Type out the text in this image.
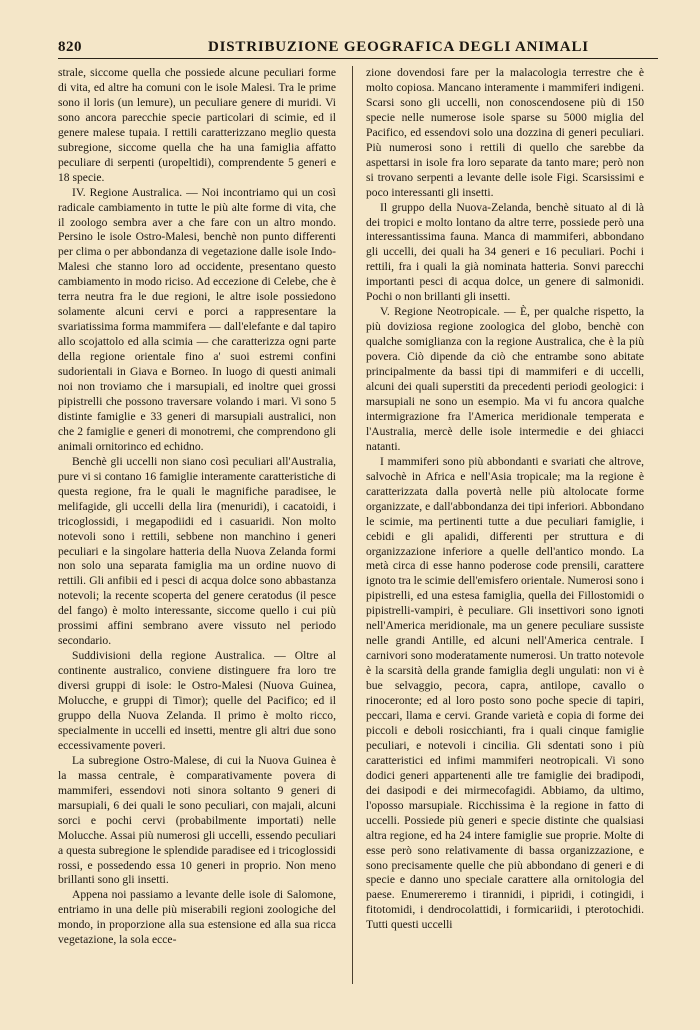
820	DISTRIBUZIONE GEOGRAFICA DEGLI ANIMALI

strale, siccome quella che possiede alcune peculiari forme di vita, ed altre ha comuni con le isole Malesi. Tra le prime sono il loris (un lemure), un peculiare genere di muridi. Vi sono ancora parecchie specie particolari di scimie, ed il genere malese tupaia. I rettili caratterizzano meglio questa subregione, siccome quella che ha una famiglia affatto peculiare di serpenti (uropeltidi), comprendente 5 generi e 18 specie.

IV. Regione Australica. — Noi incontriamo qui un così radicale cambiamento in tutte le più alte forme di vita, che il zoologo sembra aver a che fare con un altro mondo. Persino le isole Ostro-Malesi, benchè non punto differenti per clima o per abbondanza di vegetazione dalle isole Indo-Malesi che stanno loro ad occidente, presentano questo cambiamento in modo riciso. Ad eccezione di Celebe, che è terra neutra fra le due regioni, le altre isole possiedono solamente alcuni cervi e porci a rappresentare la svariatissima forma mammifera — dall'elefante e dal tapiro allo scojattolo ed alla scimia — che caratterizza ogni parte della regione orientale fino a' suoi estremi confini sudorientali in Giava e Borneo. In luogo di questi animali noi non troviamo che i marsupiali, ed inoltre quei grossi pipistrelli che possono traversare volando i mari. Vi sono 5 distinte famiglie e 33 generi di marsupiali australici, non che 2 famiglie e generi di monotremi, che comprendono gli animali ornitorinco ed echidno.

Benchè gli uccelli non siano così peculiari all'Australia, pure vi si contano 16 famiglie interamente caratteristiche di questa regione, fra le quali le magnifiche paradisee, le melifagide, gli uccelli della lira (menuridi), i cacatoidi, i tricoglossidi, i megapodiidi ed i casuaridi. Non molto notevoli sono i rettili, sebbene non manchino i generi peculiari e la singolare hatteria della Nuova Zelanda formi non solo una separata famiglia ma un ordine nuovo di rettili. Gli anfibii ed i pesci di acqua dolce sono abbastanza notevoli; la recente scoperta del genere ceratodus (il pesce del fango) è molto interessante, siccome quello i cui più prossimi affini sembrano avere vissuto nel periodo secondario.

Suddivisioni della regione Australica. — Oltre al continente australico, conviene distinguere fra loro tre diversi gruppi di isole: le Ostro-Malesi (Nuova Guinea, Molucche, e gruppi di Timor); quelle del Pacifico; ed il gruppo della Nuova Zelanda. Il primo è molto ricco, specialmente in uccelli ed insetti, mentre gli altri due sono eccessivamente poveri.

La subregione Ostro-Malese, di cui la Nuova Guinea è la massa centrale, è comparativamente povera di mammiferi, essendovi noti sinora soltanto 9 generi di marsupiali, 6 dei quali le sono peculiari, con majali, alcuni sorci e pochi cervi (probabilmente importati) nelle Molucche. Assai più numerosi gli uccelli, essendo peculiari a questa subregione le splendide paradisee ed i tricoglossidi rossi, e possedendo essa 10 generi in proprio. Non meno brillanti sono gli insetti.

Appena noi passiamo a levante delle isole di Salomone, entriamo in una delle più miserabili regioni zoologiche del mondo, in proporzione alla sua estensione ed alla sua ricca vegetazione, la sola ecce-

zione dovendosi fare per la malacologia terrestre che è molto copiosa. Mancano interamente i mammiferi indigeni. Scarsi sono gli uccelli, non conoscendosene più di 150 specie nelle numerose isole sparse su 5000 miglia del Pacifico, ed essendovi solo una dozzina di generi peculiari. Più numerosi sono i rettili di quello che sarebbe da aspettarsi in isole fra loro separate da tanto mare; però non si trovano serpenti a levante delle isole Figi. Scarsissimi e poco interessanti gli insetti.

Il gruppo della Nuova-Zelanda, benchè situato al di là dei tropici e molto lontano da altre terre, possiede però una interessantissima fauna. Manca di mammiferi, abbondano gli uccelli, dei quali ha 34 generi e 16 peculiari. Pochi i rettili, fra i quali la già nominata hatteria. Sonvi parecchi importanti pesci di acqua dolce, un genere di salmonidi. Pochi o non brillanti gli insetti.

V. Regione Neotropicale. — È, per qualche rispetto, la più doviziosa regione zoologica del globo, benchè con qualche somiglianza con la regione Australica, che è la più povera. Ciò dipende da ciò che entrambe sono abitate principalmente da bassi tipi di mammiferi e di uccelli, alcuni dei quali superstiti da precedenti periodi geologici: i marsupiali ne sono un esempio. Ma vi fu ancora qualche intermigrazione fra l'America meridionale temperata e l'Australia, mercè delle isole intermedie e dei ghiacci natanti.

I mammiferi sono più abbondanti e svariati che altrove, salvochè in Africa e nell'Asia tropicale; ma la regione è caratterizzata dalla povertà nelle più altolocate forme organizzate, e dall'abbondanza dei tipi inferiori. Abbondano le scimie, ma pertinenti tutte a due peculiari famiglie, i cebidi e gli apalidi, differenti per struttura e di organizzazione inferiore a quelle dell'antico mondo. La metà circa di esse hanno poderose code prensili, carattere ignoto tra le scimie dell'emisfero orientale. Numerosi sono i pipistrelli, ed una estesa famiglia, quella dei Fillostomidi o pipistrelli-vampiri, è peculiare. Gli insettivori sono ignoti nell'America meridionale, ma un genere peculiare sussiste nelle grandi Antille, ed alcuni nell'America centrale. I carnivori sono moderatamente numerosi. Un tratto notevole è la scarsità della grande famiglia degli ungulati: non vi è bue selvaggio, pecora, capra, antilope, cavallo o rinoceronte; ed al loro posto sono poche specie di tapiri, peccari, llama e cervi. Grande varietà e copia di forme dei piccoli e deboli rosicchianti, fra i quali cinque famiglie peculiari, e notevoli i cincilia. Gli sdentati sono i più caratteristici ed infimi mammiferi neotropicali. Vi sono dodici generi appartenenti alle tre famiglie dei bradipodi, dei dasipodi e dei mirmecofagidi. Abbiamo, da ultimo, l'oposso marsupiale. Ricchissima è la regione in fatto di uccelli. Possiede più generi e specie distinte che qualsiasi altra regione, ed ha 24 intere famiglie sue proprie. Molte di esse però sono relativamente di bassa organizzazione, e sono precisamente quelle che più abbondano di generi e di specie e danno uno speciale carattere alla ornitologia del paese. Enumereremo i tirannidi, i pipridi, i cotingidi, i fitotomidi, i dendrocolattidi, i formicariidi, i pterotochidi. Tutti questi uccelli
